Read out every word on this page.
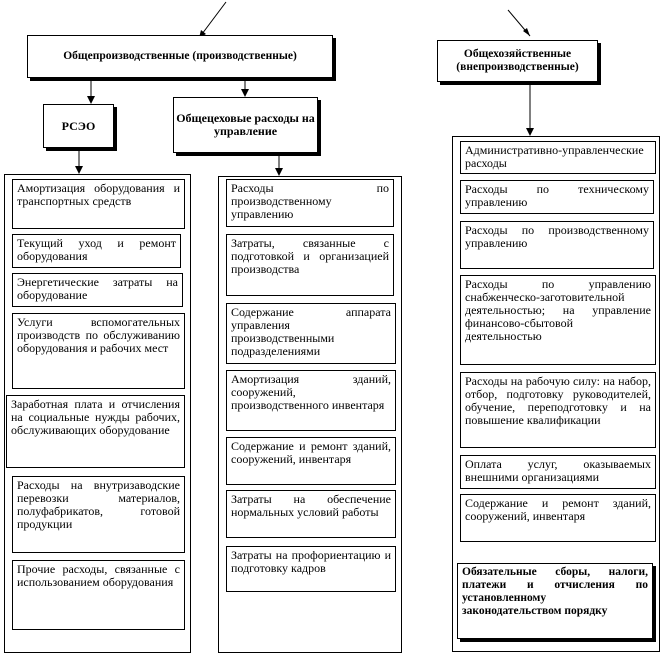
Общепроизводственные (производственные)	Общехозяйственные (внепроизводственные)
РСЭО
Общецеховые расходы на управление
Амортизация оборудования и транспортных средств
Текущий уход и ремонт оборудования
Энергетические затраты на оборудование
Услуги вспомогательных производств по обслуживанию оборудования и рабочих мест
Заработная плата и отчисления на социальные нужды рабочих, обслуживающих оборудование
Расходы на внутризаводские перевозки материалов, полуфабрикатов, готовой продукции
Прочие расходы, связанные с использованием оборудования
Расходы по производственному управлению
Затраты, связанные с подготовкой и организацией производства
Содержание аппарата управления производственными подразделениями
Амортизация зданий, сооружений, производственного инвентаря
Содержание и ремонт зданий, сооружений, инвентаря
Затраты на обеспечение нормальных условий работы
Затраты на профориентацию и подготовку кадров
Административно-управленческие расходы
Расходы по техническому управлению
Расходы по производственному управлению
Расходы по управлению снабженческо-заготовительной деятельностью; на управление финансово-сбытовой деятельностью
Расходы на рабочую силу: на набор, отбор, подготовку руководителей, обучение, переподготовку и на повышение квалификации
Оплата услуг, оказываемых внешними организациями
Содержание и ремонт зданий, сооружений, инвентаря
Обязательные сборы, налоги, платежи и отчисления по установленному законодательством порядку
